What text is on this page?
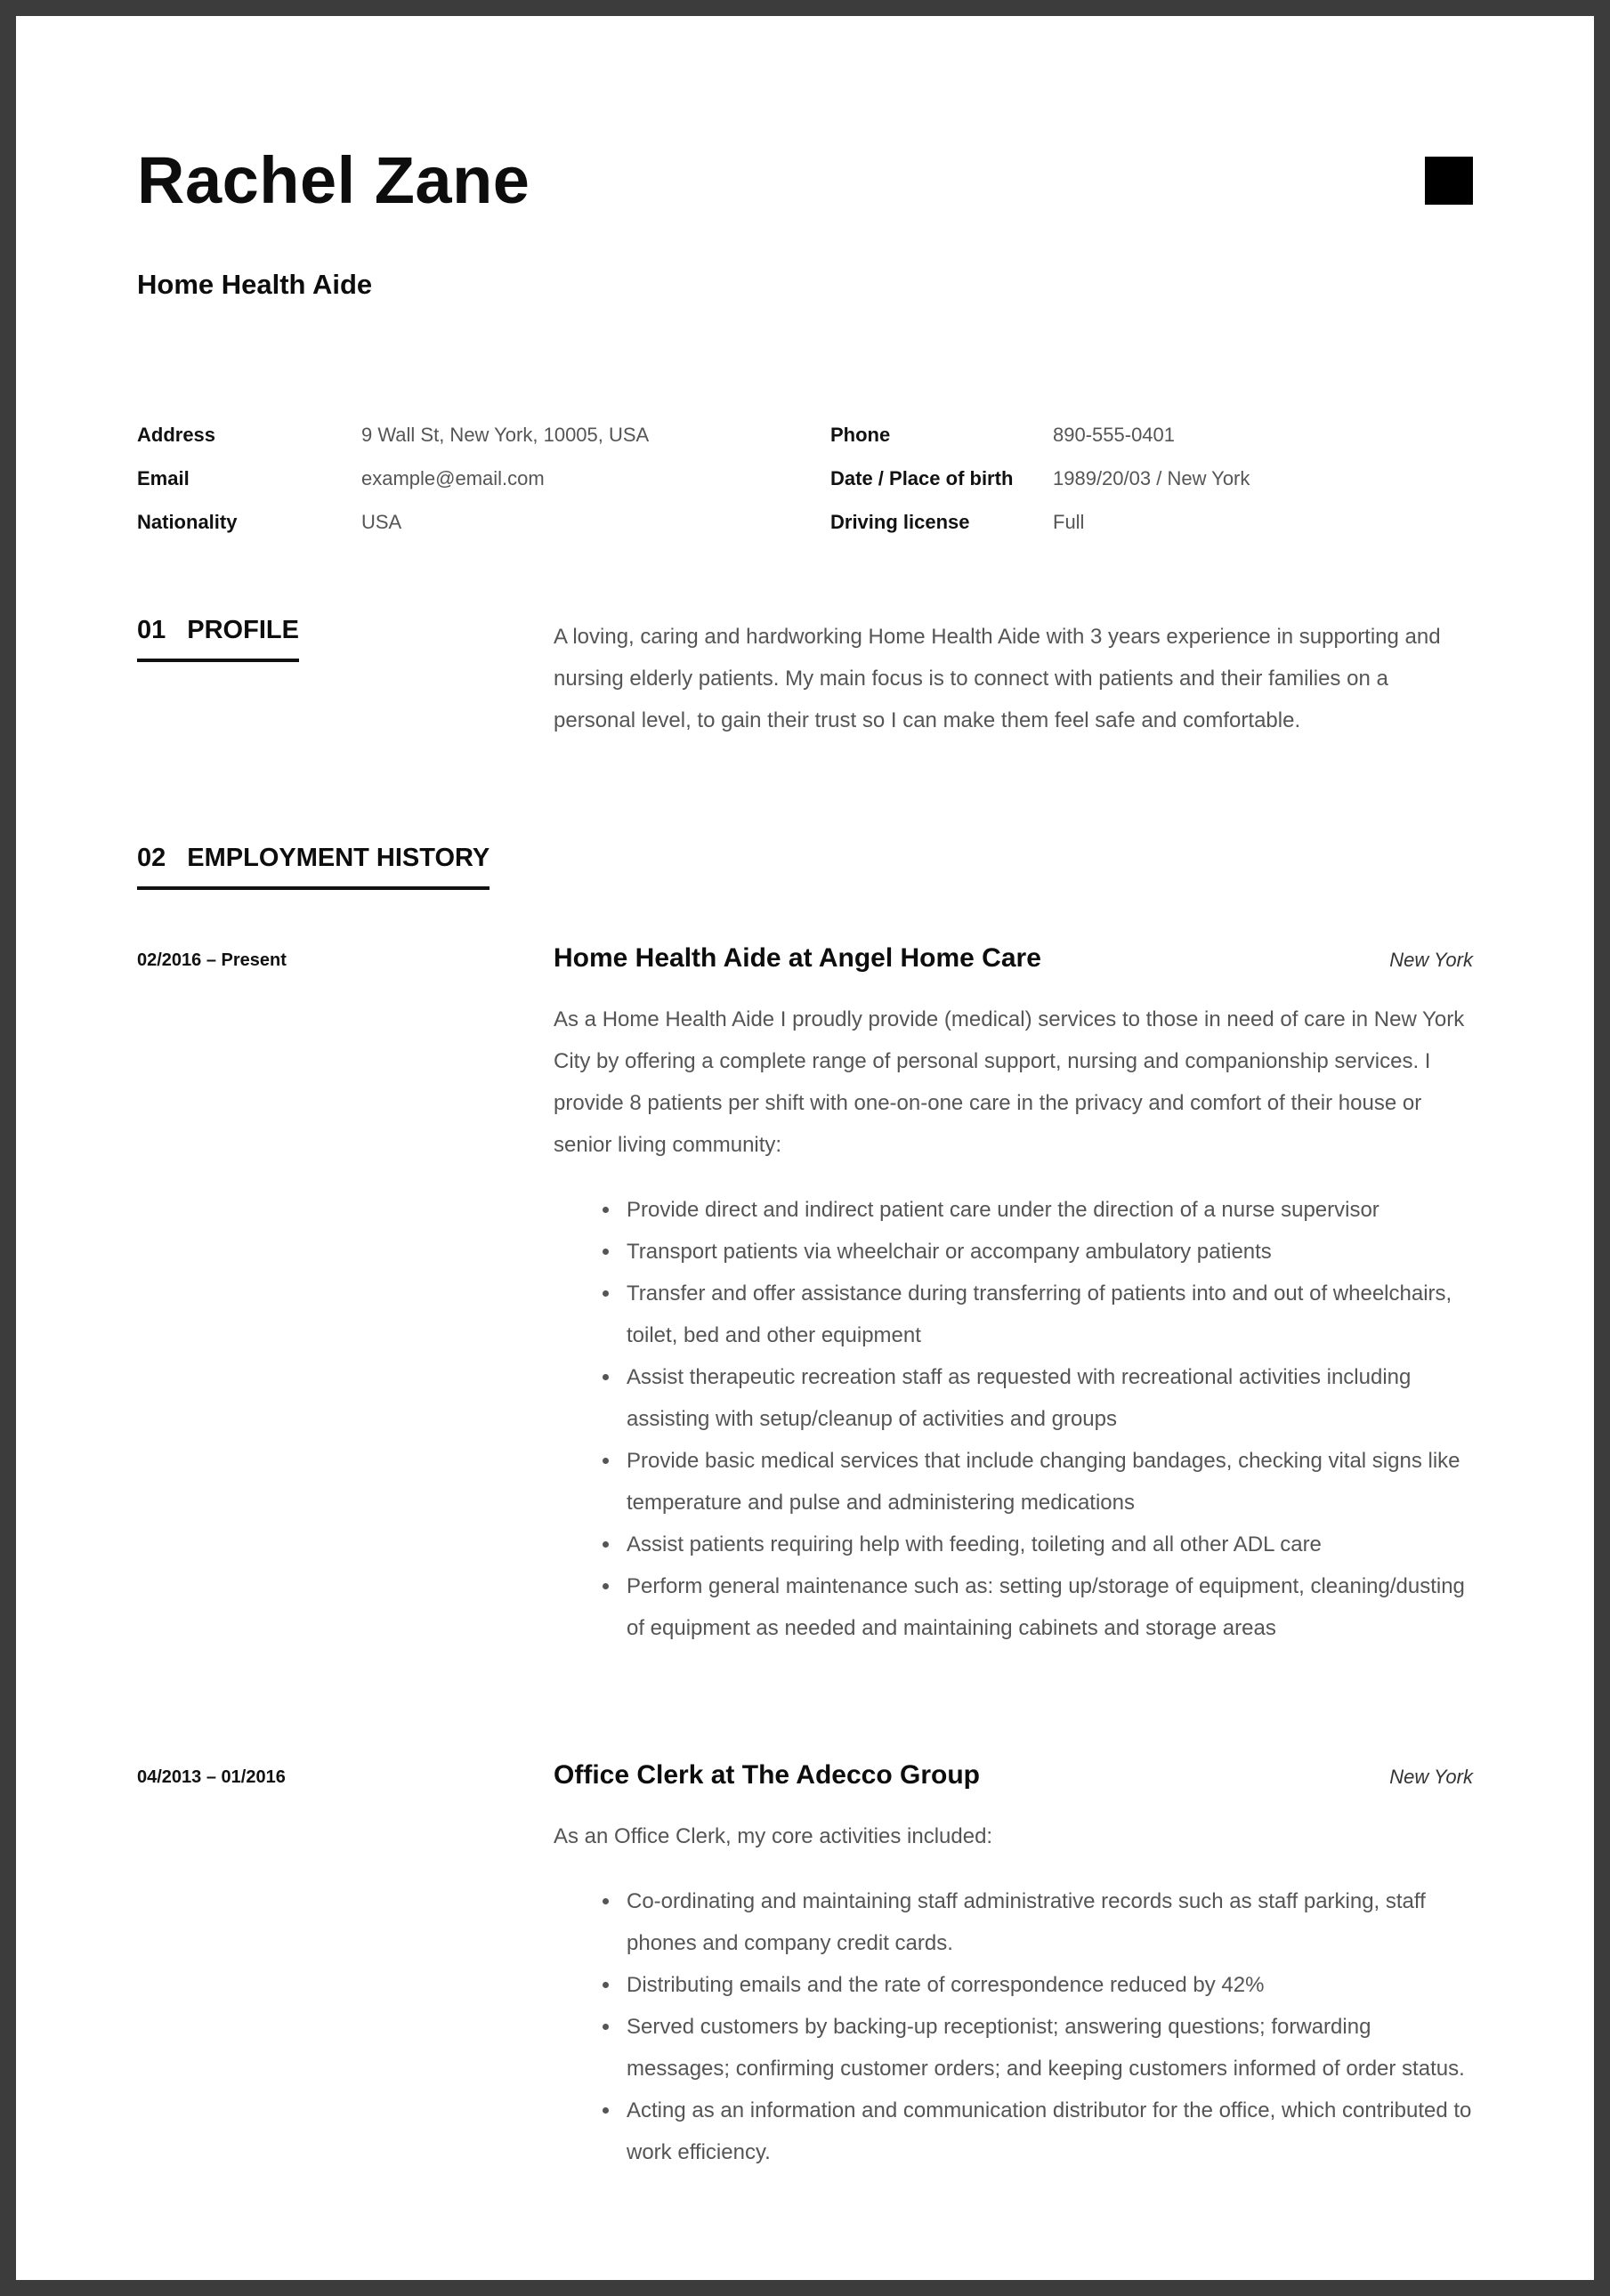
Rachel Zane
Home Health Aide
Address	9 Wall St, New York, 10005, USA	Phone	890-555-0401
Email	example@email.com	Date / Place of birth	1989/20/03 / New York
Nationality	USA	Driving license	Full
01 PROFILE	A loving, caring and hardworking Home Health Aide with 3 years experience in supporting and nursing elderly patients. My main focus is to connect with patients and their families on a personal level, to gain their trust so I can make them feel safe and comfortable.

02 EMPLOYMENT HISTORY
02/2016 – Present	Home Health Aide at Angel Home Care	New York

As a Home Health Aide I proudly provide (medical) services to those in need of care in New York City by offering a complete range of personal support, nursing and companionship services. I provide 8 patients per shift with one-on-one care in the privacy and comfort of their house or senior living community:

• Provide direct and indirect patient care under the direction of a nurse supervisor
• Transport patients via wheelchair or accompany ambulatory patients
• Transfer and offer assistance during transferring of patients into and out of wheelchairs, toilet, bed and other equipment
• Assist therapeutic recreation staff as requested with recreational activities including assisting with setup/cleanup of activities and groups
• Provide basic medical services that include changing bandages, checking vital signs like temperature and pulse and administering medications
• Assist patients requiring help with feeding, toileting and all other ADL care
• Perform general maintenance such as: setting up/storage of equipment, cleaning/dusting of equipment as needed and maintaining cabinets and storage areas
04/2013 – 01/2016	Office Clerk at The Adecco Group	New York

As an Office Clerk, my core activities included:

• Co-ordinating and maintaining staff administrative records such as staff parking, staff phones and company credit cards.
• Distributing emails and the rate of correspondence reduced by 42%
• Served customers by backing-up receptionist; answering questions; forwarding messages; confirming customer orders; and keeping customers informed of order status.
• Acting as an information and communication distributor for the office, which contributed to work efficiency.
